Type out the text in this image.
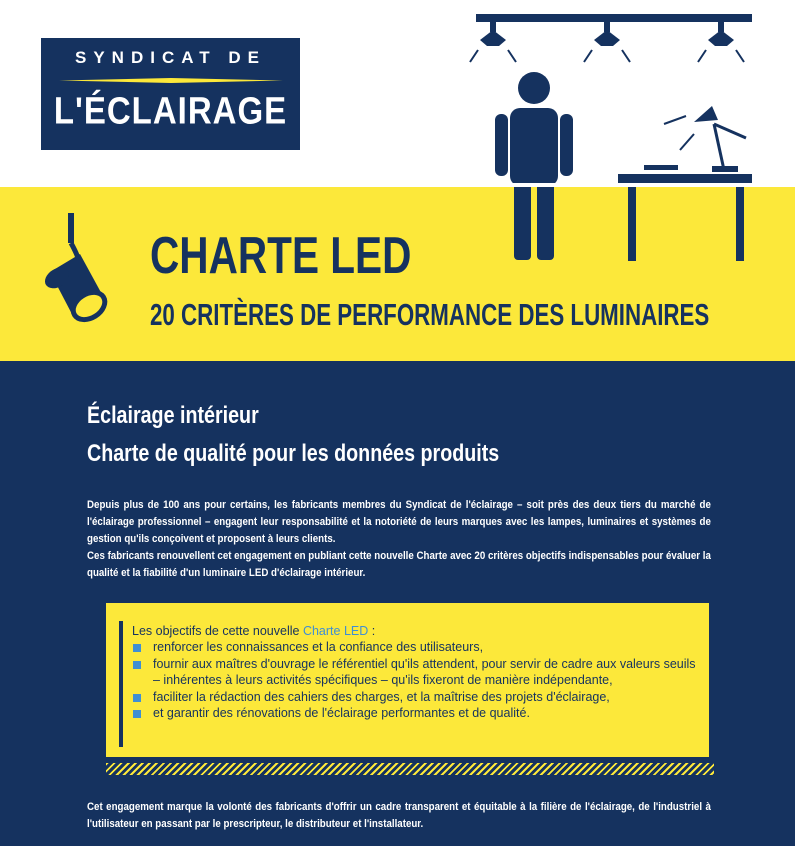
SYNDICAT DE
L'ÉCLAIRAGE
CHARTE LED
20 CRITÈRES DE PERFORMANCE DES LUMINAIRES
Éclairage intérieur
Charte de qualité pour les données produits

Depuis plus de 100 ans pour certains, les fabricants membres du Syndicat de l'éclairage – soit près des deux tiers du marché de l'éclairage professionnel – engagent leur responsabilité et la notoriété de leurs marques avec les lampes, luminaires et systèmes de gestion qu'ils conçoivent et proposent à leurs clients.

Ces fabricants renouvellent cet engagement en publiant cette nouvelle Charte avec 20 critères objectifs indispensables pour évaluer la qualité et la fiabilité d'un luminaire LED d'éclairage intérieur.

Les objectifs de cette nouvelle Charte LED :
renforcer les connaissances et la confiance des utilisateurs,
fournir aux maîtres d'ouvrage le référentiel qu'ils attendent, pour servir de cadre aux valeurs seuils – inhérentes à leurs activités spécifiques – qu'ils fixeront de manière indépendante,
faciliter la rédaction des cahiers des charges, et la maîtrise des projets d'éclairage,
et garantir des rénovations de l'éclairage performantes et de qualité.

Cet engagement marque la volonté des fabricants d'offrir un cadre transparent et équitable à la filière de l'éclairage, de l'industriel à l'utilisateur en passant par le prescripteur, le distributeur et l'installateur.
